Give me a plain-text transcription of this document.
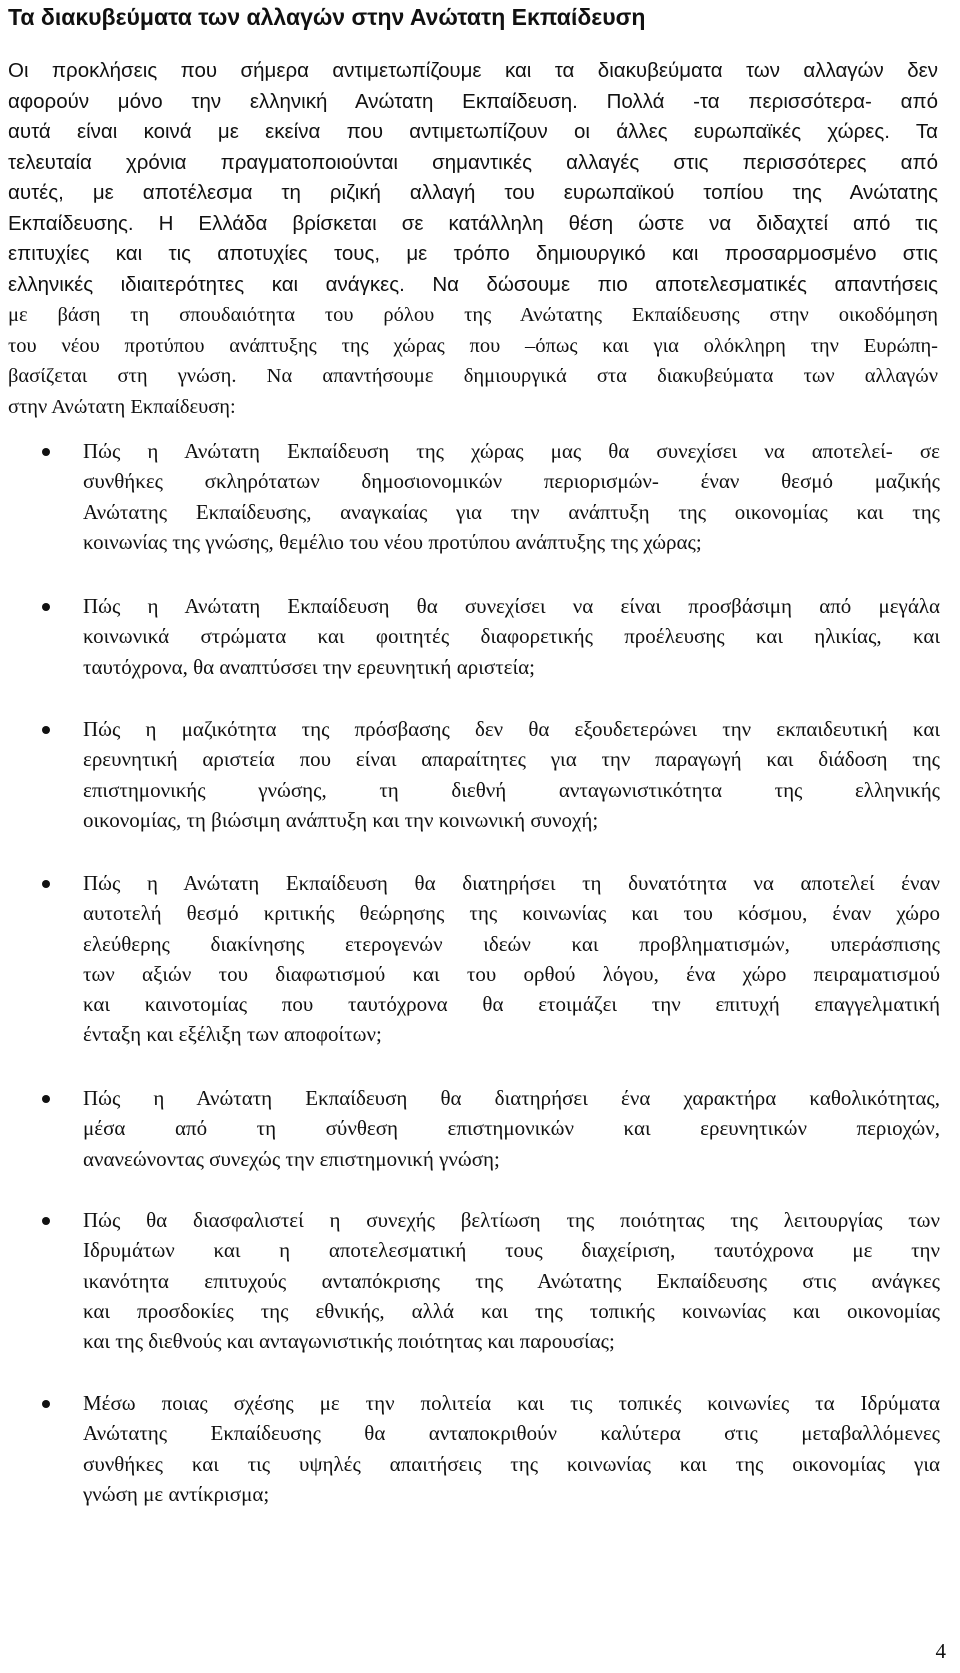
Τα διακυβεύματα των αλλαγών στην Ανώτατη Εκπαίδευση
Οι προκλήσεις που σήμερα αντιμετωπίζουμε και τα διακυβεύματα των αλλαγών δεν
αφορούν μόνο την ελληνική Ανώτατη Εκπαίδευση. Πολλά -τα περισσότερα- από
αυτά είναι κοινά με εκείνα που αντιμετωπίζουν οι άλλες ευρωπαϊκές χώρες. Τα
τελευταία χρόνια πραγματοποιούνται σημαντικές αλλαγές στις περισσότερες από
αυτές, με αποτέλεσμα τη ριζική αλλαγή του ευρωπαϊκού τοπίου της Ανώτατης
Εκπαίδευσης. Η Ελλάδα βρίσκεται σε κατάλληλη θέση ώστε να διδαχτεί από τις
επιτυχίες και τις αποτυχίες τους, με τρόπο δημιουργικό και προσαρμοσμένο στις
ελληνικές ιδιαιτερότητες και ανάγκες. Να δώσουμε πιο αποτελεσματικές απαντήσεις
με βάση τη σπουδαιότητα του ρόλου της Ανώτατης Εκπαίδευσης στην οικοδόμηση
του νέου προτύπου ανάπτυξης της χώρας που –όπως και για ολόκληρη την Ευρώπη-
βασίζεται στη γνώση. Να απαντήσουμε δημιουργικά στα διακυβεύματα των αλλαγών
στην Ανώτατη Εκπαίδευση:
Πώς η Ανώτατη Εκπαίδευση της χώρας μας θα συνεχίσει να αποτελεί- σε
συνθήκες σκληρότατων δημοσιονομικών περιορισμών- έναν θεσμό μαζικής
Ανώτατης Εκπαίδευσης, αναγκαίας για την ανάπτυξη της οικονομίας και της
κοινωνίας της γνώσης, θεμέλιο του νέου προτύπου ανάπτυξης της χώρας;
Πώς η Ανώτατη Εκπαίδευση θα συνεχίσει να είναι προσβάσιμη από μεγάλα
κοινωνικά στρώματα και φοιτητές διαφορετικής προέλευσης και ηλικίας, και
ταυτόχρονα, θα αναπτύσσει την ερευνητική αριστεία;
Πώς η μαζικότητα της πρόσβασης δεν θα εξουδετερώνει την εκπαιδευτική και
ερευνητική αριστεία που είναι απαραίτητες για την παραγωγή και διάδοση της
επιστημονικής γνώσης, τη διεθνή ανταγωνιστικότητα της ελληνικής
οικονομίας, τη βιώσιμη ανάπτυξη και την κοινωνική συνοχή;
Πώς η Ανώτατη Εκπαίδευση θα διατηρήσει τη δυνατότητα να αποτελεί έναν
αυτοτελή θεσμό κριτικής θεώρησης της κοινωνίας και του κόσμου, έναν χώρο
ελεύθερης διακίνησης ετερογενών ιδεών και προβληματισμών, υπεράσπισης
των αξιών του διαφωτισμού και του ορθού λόγου, ένα χώρο πειραματισμού
και καινοτομίας που ταυτόχρονα θα ετοιμάζει την επιτυχή επαγγελματική
ένταξη και εξέλιξη των αποφοίτων;
Πώς η Ανώτατη Εκπαίδευση θα διατηρήσει ένα χαρακτήρα καθολικότητας,
μέσα από τη σύνθεση επιστημονικών και ερευνητικών περιοχών,
ανανεώνοντας συνεχώς την επιστημονική γνώση;
Πώς θα διασφαλιστεί η συνεχής βελτίωση της ποιότητας της λειτουργίας των
Ιδρυμάτων και η αποτελεσματική τους διαχείριση, ταυτόχρονα με την
ικανότητα επιτυχούς ανταπόκρισης της Ανώτατης Εκπαίδευσης στις ανάγκες
και προσδοκίες της εθνικής, αλλά και της τοπικής κοινωνίας και οικονομίας
και της διεθνούς και ανταγωνιστικής ποιότητας και παρουσίας;
Μέσω ποιας σχέσης με την πολιτεία και τις τοπικές κοινωνίες τα Ιδρύματα
Ανώτατης Εκπαίδευσης θα ανταποκριθούν καλύτερα στις μεταβαλλόμενες
συνθήκες και τις υψηλές απαιτήσεις της κοινωνίας και της οικονομίας για
γνώση με αντίκρισμα;
4
